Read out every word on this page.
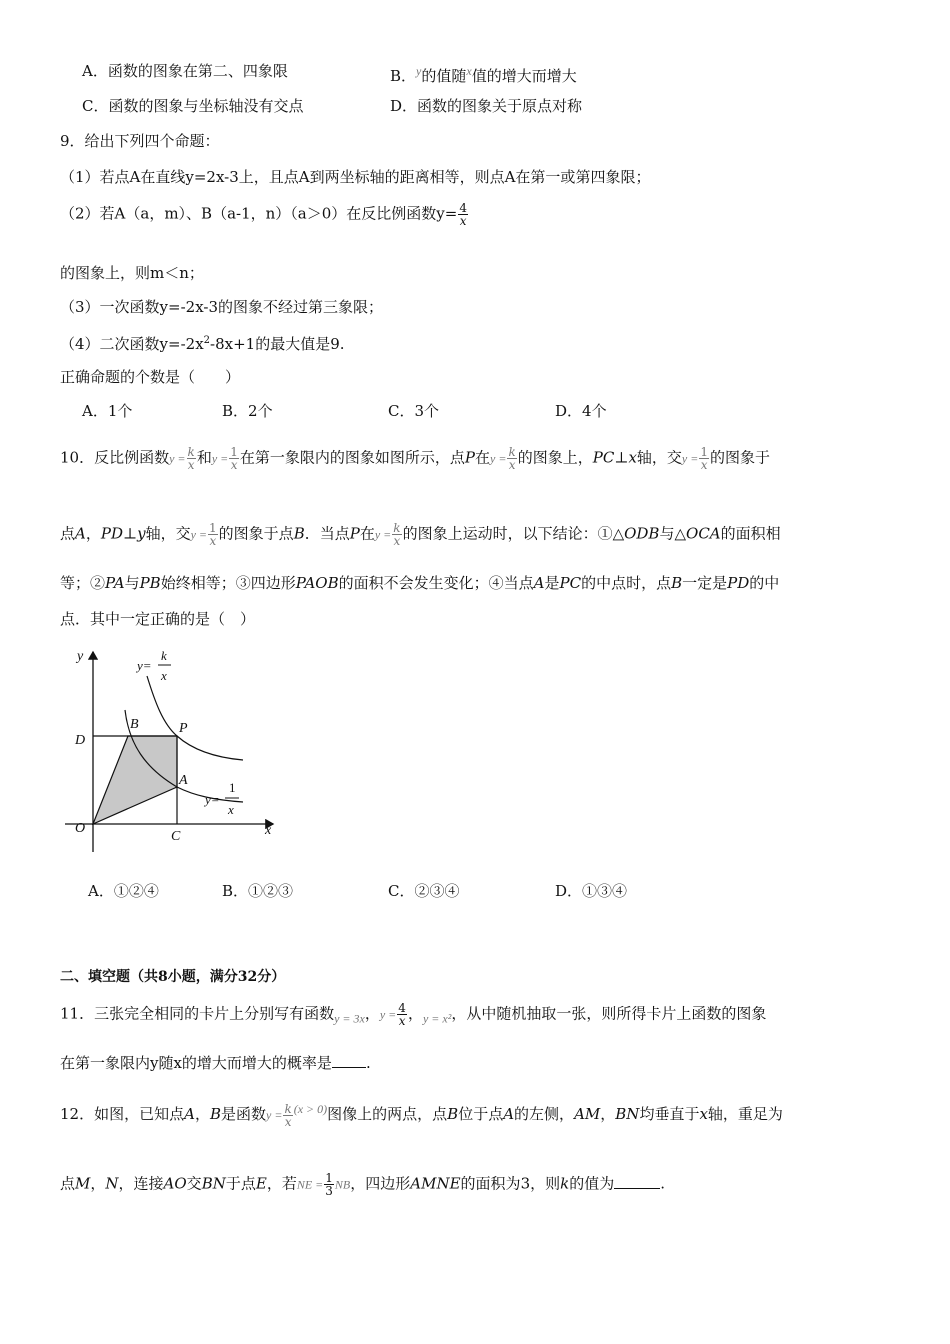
A．函数的图象在第二、四象限	B．$^y$的值随$^x$值的增大而增大
C．函数的图象与坐标轴没有交点	D．函数的图象关于原点对称
9．给出下列四个命题：
（1）若点A在直线y=2x-3上，且点A到两坐标轴的距离相等，则点A在第一或第四象限；
（2）若A（a，m）、B（a-1，n）（a＞0）在反比例函数$y= \frac{4}{x}$
的图象上，则m＜n；
（3）一次函数y=-2x-3的图象不经过第三象限；
（4）二次函数$y=-2x^2-8x+1$的最大值是9.
正确命题的个数是（　　）
A．1个	B．2个	C．3个	D．4个
10．反比例函数$y = \frac{k}{x}$ 和$y = \frac{1}{x}$ 在第一象限内的图象如图所示，点P在$y = \frac{k}{x}$ 的图象上，PC⊥x轴，交$y = \frac{1}{x}$ 的图象于
点A，PD⊥y轴，交$y = \frac{1}{x}$ 的图象于点B．当点P在$y = \frac{k}{x}$ 的图象上运动时，以下结论：①△ODB与△OCA的面积相
等；②PA与PB始终相等；③四边形PAOB的面积不会发生变化；④当点A是PC的中点时，点B一定是PD的中
点．其中一定正确的是（　）
y
x
O
C
D
B	P
A
y=
k
x
y=
1
x
A．①②④	B．①②③	C．②③④	D．①③④
二、填空题（共8小题，满分32分）
11．三张完全相同的卡片上分别写有函数$_{y = 3x}$，$y = \frac{4}{x}$ ，$_{y = x^2}$，从中随机抽取一张，则所得卡片上函数的图象
在第一象限内y随x的增大而增大的概率是 .
12．如图，已知点A，B是函数$y = \frac{k}{x} ^{(x > 0)}$图像上的两点，点B位于点A的左侧，AM，BN均垂直于x轴，重足为
点M，N，连接AO交BN于点E，若NE = $\frac{1}{3}$ NB，四边形AMNE的面积为3，则k的值为	.
